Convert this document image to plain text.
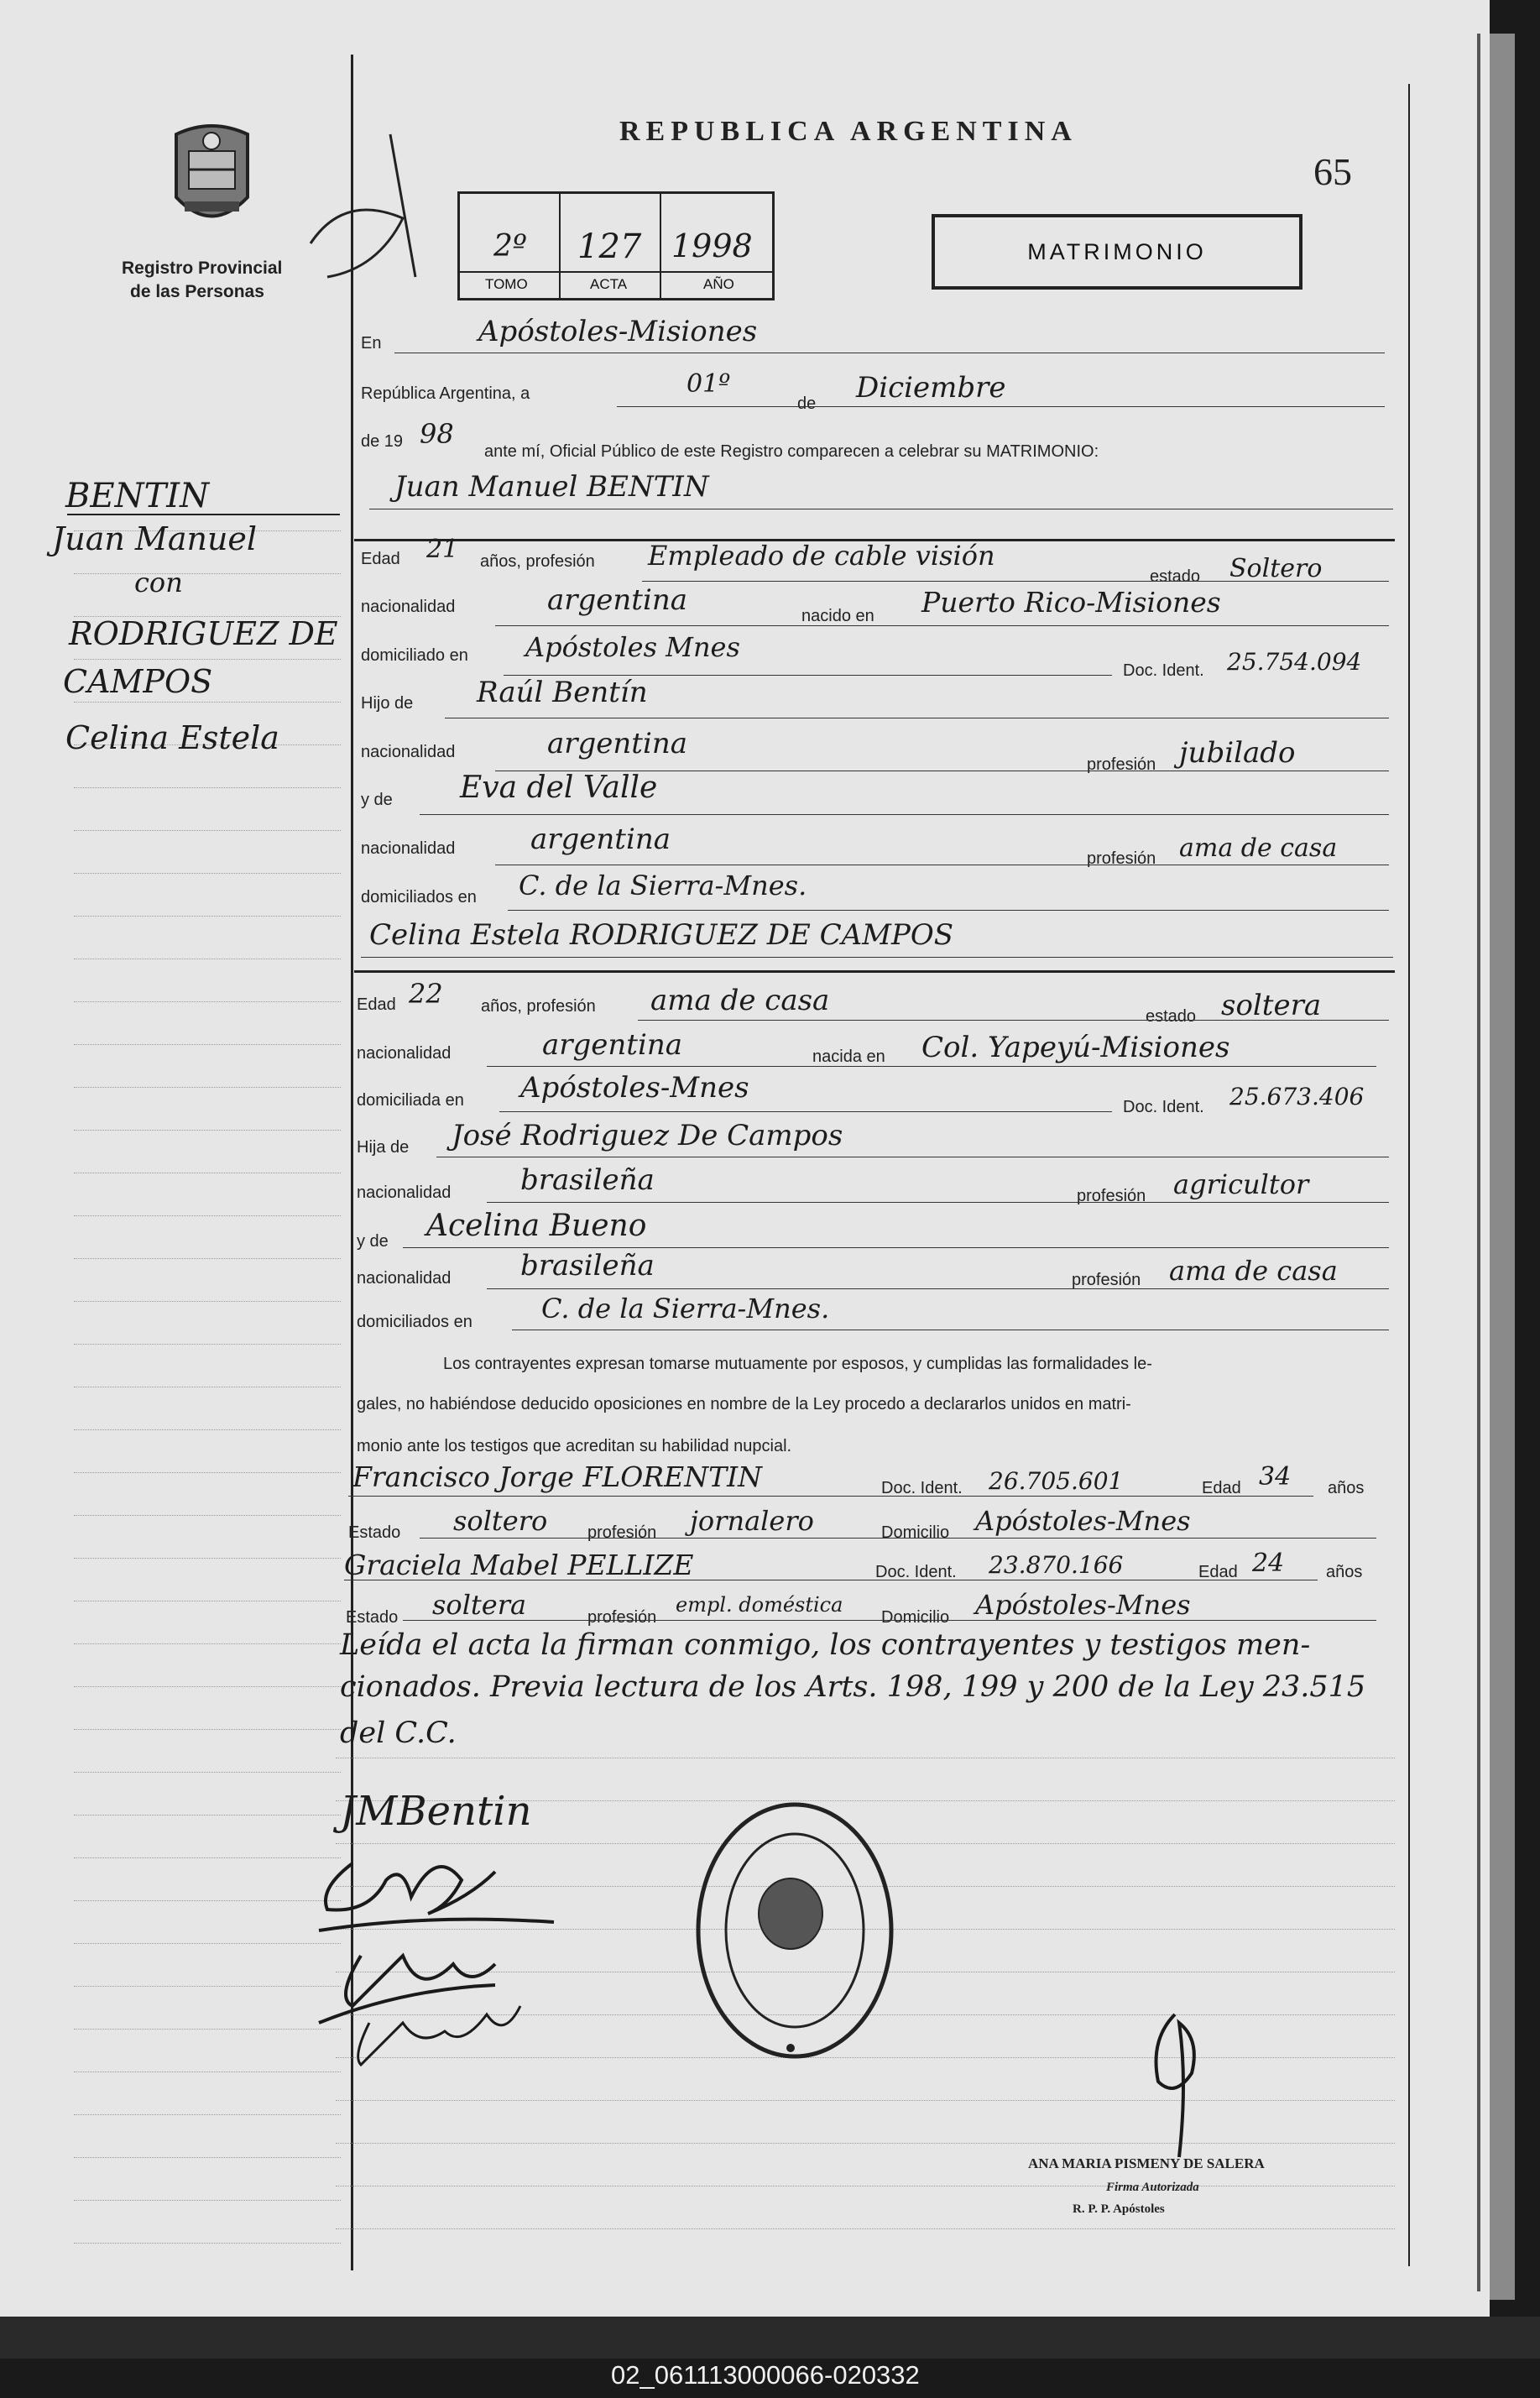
Registro Provincial
de las Personas
REPUBLICA ARGENTINA
65
2º 127 1998
TOMO	ACTA	AÑO
MATRIMONIO
BENTIN
Juan Manuel
con
RODRIGUEZ DE
CAMPOS
Celina Estela
En	Apóstoles-Misiones
República Argentina, a	01º
de Diciembre
de 19 98
ante mí, Oficial Público de este Registro comparecen a celebrar su MATRIMONIO:
Juan Manuel BENTIN
Edad 21 años, profesión Empleado de cable visión
estado Soltero
nacionalidad	argentina	nacido en Puerto Rico-Misiones
domiciliado en Apóstoles Mnes
Doc. Ident. 25.754.094
Hijo de Raúl Bentín
nacionalidad	argentina
profesión jubilado
y de Eva del Valle
nacionalidad	argentina
profesión ama de casa
domiciliados en C. de la Sierra-Mnes.
Celina Estela RODRIGUEZ DE CAMPOS
Edad 22 años, profesión ama de casa	estado soltera
nacionalidad	argentina	nacida en Col. Yapeyú-Misiones
domiciliada en Apóstoles-Mnes
Doc. Ident. 25.673.406
Hija de José Rodriguez De Campos
nacionalidad brasileña	profesión agricultor
y de Acelina Bueno
nacionalidad brasileña	profesión ama de casa
domiciliados en	C. de la Sierra-Mnes.
Los contrayentes expresan tomarse mutuamente por esposos, y cumplidas las formalidades le-
gales, no habiéndose deducido oposiciones en nombre de la Ley procedo a declararlos unidos en matri-
monio ante los testigos que acreditan su habilidad nupcial.
Francisco Jorge FLORENTIN	Doc. Ident. 26.705.601	Edad 34 años
Estado soltero profesión jornalero	Domicilio Apóstoles-Mnes
Graciela Mabel PELLIZE	Doc. Ident. 23.870.166	Edad 24 años
Estado soltera	profesión
empl. doméstica
Domicilio Apóstoles-Mnes
Leída el acta la firman conmigo, los contrayentes y testigos men-
cionados. Previa lectura de los Arts. 198, 199 y 200 de la Ley 23.515
del C.C.
JMBentin
ANA MARIA PISMENY DE SALERA
Firma Autorizada
R. P. P. Apóstoles
02_061113000066-020332
